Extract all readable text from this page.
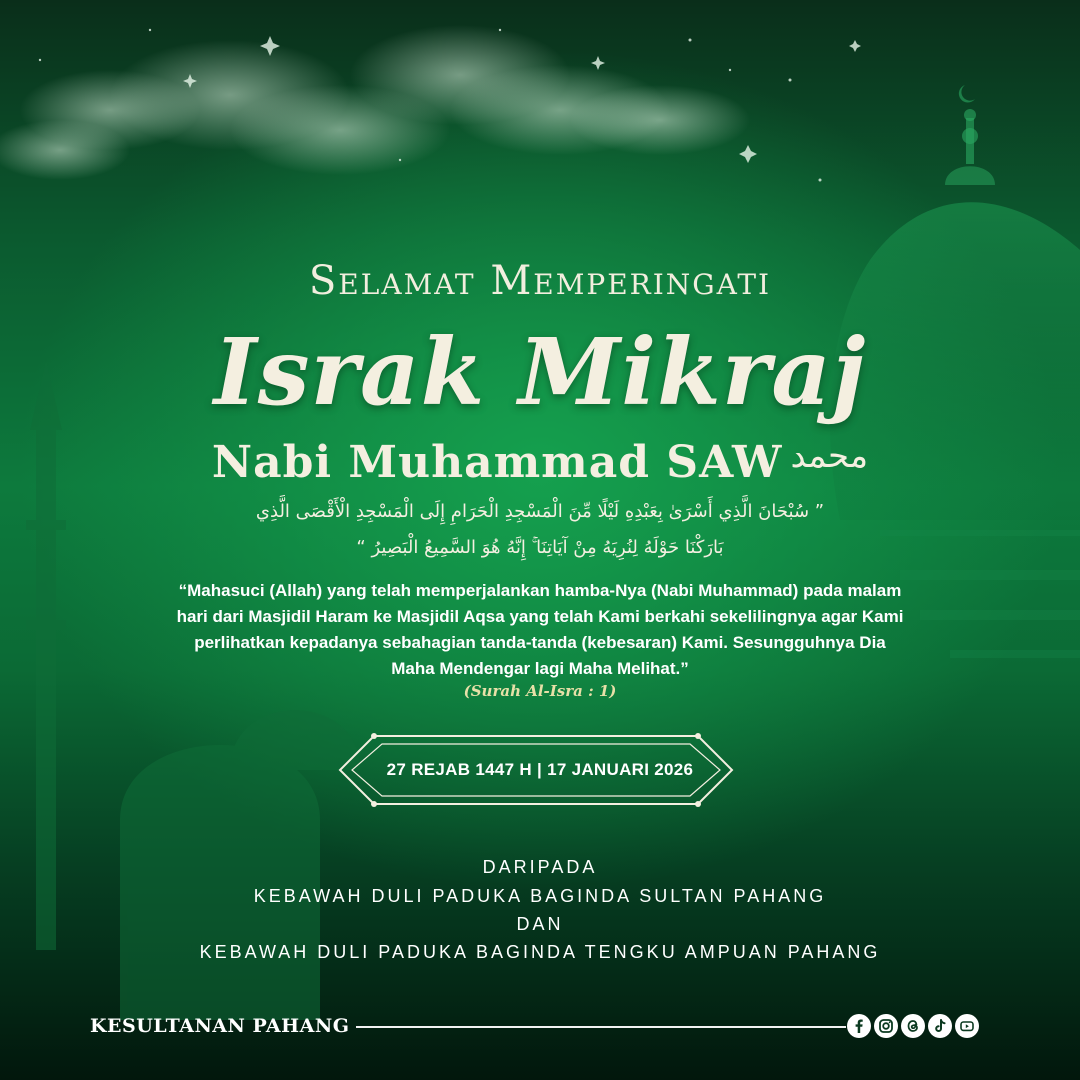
Selamat Memperingati
Israk Mikraj
Nabi Muhammad SAW $^{محمد}$
” سُبْحَانَ الَّذِي أَسْرَىٰ بِعَبْدِهِ لَيْلًا مِّنَ الْمَسْجِدِ الْحَرَامِ إِلَى الْمَسْجِدِ الْأَقْصَى الَّذِي
بَارَكْنَا حَوْلَهُ لِنُرِيَهُ مِنْ آيَاتِنَا ۚ إِنَّهُ هُوَ السَّمِيعُ الْبَصِيرُ “
“Mahasuci (Allah) yang telah memperjalankan hamba-Nya (Nabi Muhammad) pada malam
hari dari Masjidil Haram ke Masjidil Aqsa yang telah Kami berkahi sekelilingnya agar Kami
perlihatkan kepadanya sebahagian tanda-tanda (kebesaran) Kami. Sesungguhnya Dia
Maha Mendengar lagi Maha Melihat.”
(Surah Al-Isra : 1)
27 REJAB 1447 H | 17 JANUARI 2026
DARIPADA
KEBAWAH DULI PADUKA BAGINDA SULTAN PAHANG
DAN
KEBAWAH DULI PADUKA BAGINDA TENGKU AMPUAN PAHANG
KESULTANAN PAHANG
